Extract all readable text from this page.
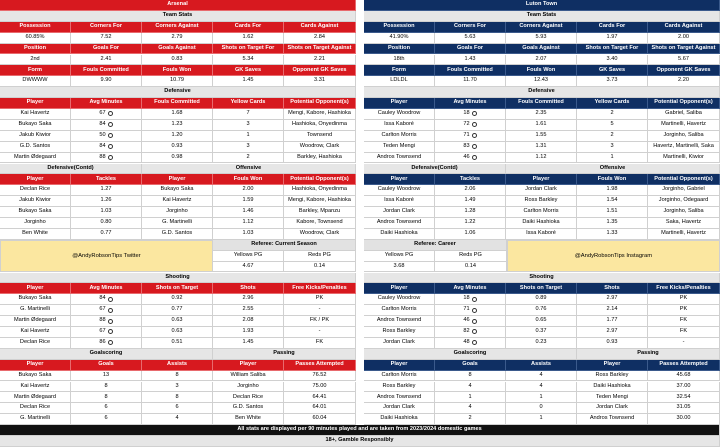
Arsenal	Luton Town
Team Stats	Team Stats
Possession	Corners For	Corners Against	Cards For	Cards Against	Possession	Corners For	Corners Against	Cards For	Cards Against
60.85%	7.52	2.79	1.62	2.84	41.90%	5.63	5.93	1.97	2.00
Position	Goals For	Goals Against	Shots on Target For	Shots on Target Against	Position	Goals For	Goals Against	Shots on Target For	Shots on Target Against
2nd	2.41	0.83	5.34	2.21	18th	1.43	2.07	3.40	5.67
Form	Fouls Committed	Fouls Won	GK Saves	Opponent GK Saves	Form	Fouls Committed	Fouls Won	GK Saves	Opponent GK Saves
DWWWW	9.90	10.79	1.45	3.31	LDLDL	11.70	12.43	3.73	2.20
Defensive	Defensive
Player	Avg Minutes	Fouls Committed	Yellow Cards	Potential Opponent(s)	Player	Avg Minutes	Fouls Committed	Yellow Cards	Potential Opponent(s)
Kai Havertz	67	1.68	7	Mengi, Kabore, Hashioka	Cauley Woodrow	18	2.35	2	Gabriel, Saliba
Bukayo Saka	84	1.23	3	Hashioka, Onyedinma	Issa Kaboré	72	1.61	5	Martinelli, Havertz
Jakub Kiwior	50	1.20	1	Townsend	Carlton Morris	71	1.55	2	Jorginho, Saliba
G.D. Santos	84	0.93	3	Woodrow, Clark	Teden Mengi	83	1.31	3	Havertz, Martinelli, Saka
Martin Ødegaard	88	0.98	2	Barkley, Hashioka	Andros Townsend	46	1.12	1	Martinelli, Kiwior
Defensive(Contd)	Offensive	Defensive(Contd)	Offensive
Player	Tackles	Player	Fouls Won	Potential Opponent(s)	Player	Tackles	Player	Fouls Won	Potential Opponent(s)
Declan Rice	1.27	Bukayo Saka	2.00	Hashioka, Onyedinma	Cauley Woodrow	2.06	Jordan Clark	1.98	Jorginho, Gabriel
Jakub Kiwior	1.26	Kai Havertz	1.59	Mengi, Kabore, Hashioka	Issa Kaboré	1.49	Ross Barkley	1.54	Jorginho, Odegaard
Bukayo Saka	1.03	Jorginho	1.46	Barkley, Mpanzu	Jordan Clark	1.28	Carlton Morris	1.51	Jorginho, Saliba
Jorginho	0.80	G. Martinelli	1.12	Kabore, Townsend	Andros Townsend	1.22	Daiki Hashioka	1.35	Saka, Havertz
Ben White	0.77	G.D. Santos	1.03	Woodrow, Clark	Daiki Hashioka	1.06	Issa Kaboré	1.33	Martinelli, Havertz
Referee: Current Season	Referee: Career
Yellows PG	Reds PG	Yellows PG	Reds PG
4.67	0.14	3.68	0.14
@AndyRobsonTips Twitter	@AndyRobsonTips Instagram
Shooting	Shooting
Player	Avg Minutes	Shots on Target	Shots	Free Kicks/Penalties	Player	Avg Minutes	Shots on Target	Shots	Free Kicks/Penalties
Bukayo Saka	84	0.92	2.96	PK	Cauley Woodrow	18	0.89	2.97	PK
G. Martinelli	67	0.77	2.55	-	Carlton Morris	71	0.76	2.14	PK
Martin Ødegaard	88	0.63	2.08	FK / PK	Andros Townsend	46	0.65	1.77	FK
Kai Havertz	67	0.63	1.93	-	Ross Barkley	82	0.37	2.97	FK
Declan Rice	86	0.51	1.45	FK	Jordan Clark	48	0.23	0.93	-
Goalscoring	Passing	Goalscoring	Passing
Player	Goals	Assists	Player	Passes Attempted	Player	Goals	Assists	Player	Passes Attempted
Bukayo Saka	13	8	William Saliba	76.52	Carlton Morris	8	4	Ross Barkley	45.68
Kai Havertz	8	3	Jorginho	75.00	Ross Barkley	4	4	Daiki Hashioka	37.00
Martin Ødegaard	8	8	Declan Rice	64.41	Andros Townsend	1	1	Teden Mengi	32.54
Declan Rice	6	6	G.D. Santos	64.01	Jordan Clark	4	0	Jordan Clark	31.05
G. Martinelli	6	4	Ben White	60.04	Daiki Hashioka	2	1	Andros Townsend	30.00
All stats are displayed per 90 minutes played and are taken from 2023/2024 domestic games
18+, Gamble Responsibly
